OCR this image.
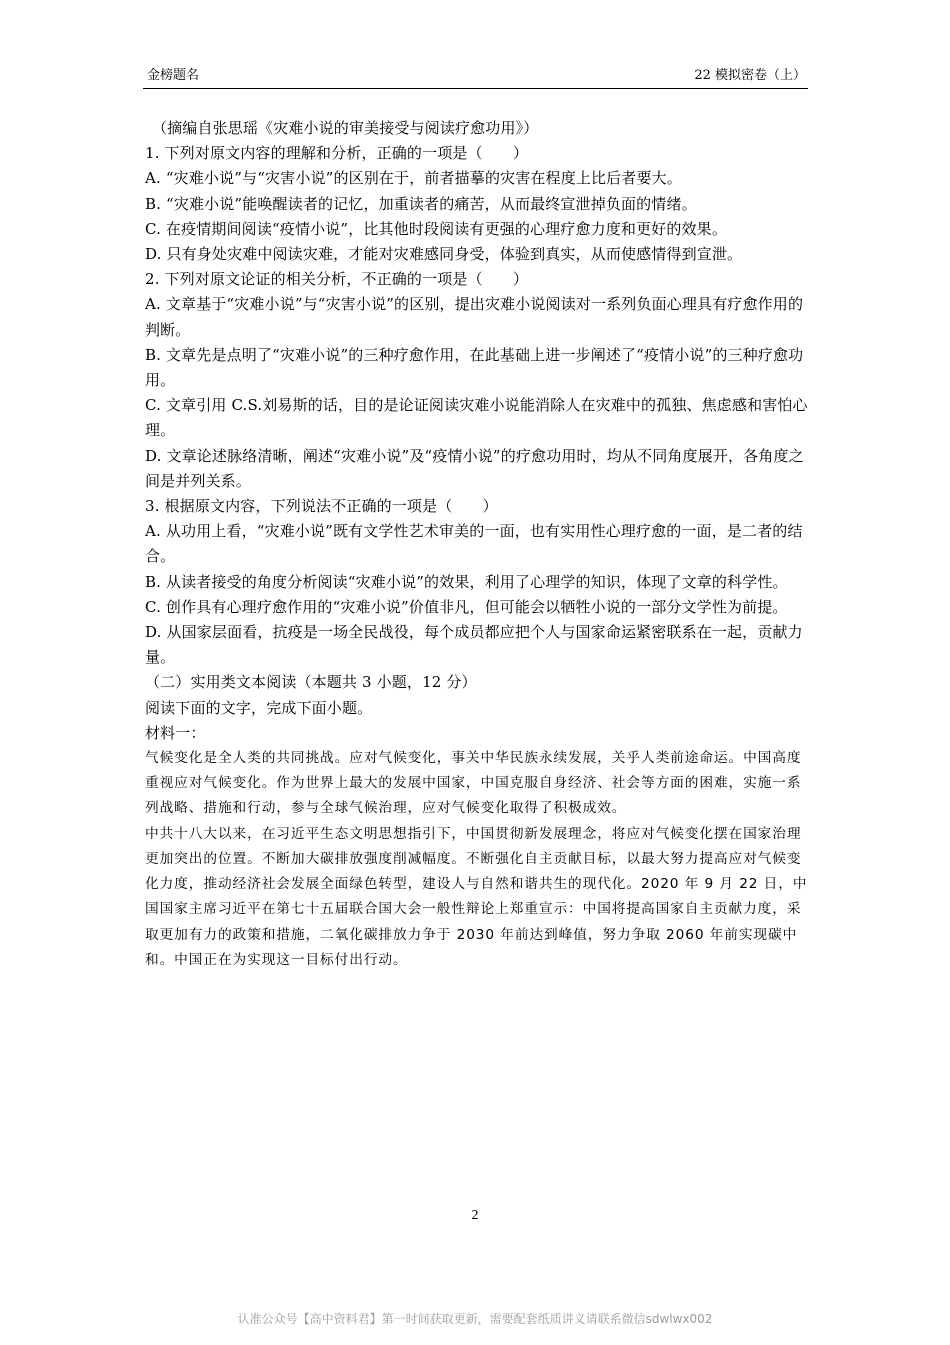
金榜题名	22 模拟密卷（上）

（摘编自张思瑶《灾难小说的审美接受与阅读疗愈功用》）

1. 下列对原文内容的理解和分析，正确的一项是（　　）

A. “灾难小说”与“灾害小说”的区别在于，前者描摹的灾害在程度上比后者要大。

B. “灾难小说”能唤醒读者的记忆，加重读者的痛苦，从而最终宣泄掉负面的情绪。

C. 在疫情期间阅读“疫情小说”，比其他时段阅读有更强的心理疗愈力度和更好的效果。

D. 只有身处灾难中阅读灾难，才能对灾难感同身受，体验到真实，从而使感情得到宣泄。

2. 下列对原文论证的相关分析，不正确的一项是（　　）

A. 文章基于“灾难小说”与“灾害小说”的区别，提出灾难小说阅读对一系列负面心理具有疗愈作用的判断。

B. 文章先是点明了“灾难小说”的三种疗愈作用，在此基础上进一步阐述了“疫情小说”的三种疗愈功用。

C. 文章引用 C.S.刘易斯的话，目的是论证阅读灾难小说能消除人在灾难中的孤独、焦虑感和害怕心理。

D. 文章论述脉络清晰，阐述“灾难小说”及“疫情小说”的疗愈功用时，均从不同角度展开，各角度之间是并列关系。

3. 根据原文内容，下列说法不正确的一项是（　　）

A. 从功用上看，“灾难小说”既有文学性艺术审美的一面，也有实用性心理疗愈的一面，是二者的结合。

B. 从读者接受的角度分析阅读“灾难小说”的效果，利用了心理学的知识，体现了文章的科学性。

C. 创作具有心理疗愈作用的“灾难小说”价值非凡，但可能会以牺牲小说的一部分文学性为前提。

D. 从国家层面看，抗疫是一场全民战役，每个成员都应把个人与国家命运紧密联系在一起，贡献力量。

（二）实用类文本阅读（本题共 3 小题，12 分）

阅读下面的文字，完成下面小题。

材料一：

气候变化是全人类的共同挑战。应对气候变化，事关中华民族永续发展，关乎人类前途命运。中国高度重视应对气候变化。作为世界上最大的发展中国家，中国克服自身经济、社会等方面的困难，实施一系列战略、措施和行动，参与全球气候治理，应对气候变化取得了积极成效。

中共十八大以来，在习近平生态文明思想指引下，中国贯彻新发展理念，将应对气候变化摆在国家治理更加突出的位置。不断加大碳排放强度削减幅度。不断强化自主贡献目标，以最大努力提高应对气候变化力度，推动经济社会发展全面绿色转型，建设人与自然和谐共生的现代化。2020 年 9 月 22 日，中国国家主席习近平在第七十五届联合国大会一般性辩论上郑重宣示：中国将提高国家自主贡献力度，采取更加有力的政策和措施，二氧化碳排放力争于 2030 年前达到峰值，努力争取 2060 年前实现碳中和。中国正在为实现这一目标付出行动。

2
认准公众号【高中资料君】第一时间获取更新，需要配套纸质讲义请联系微信sdwlwx002
